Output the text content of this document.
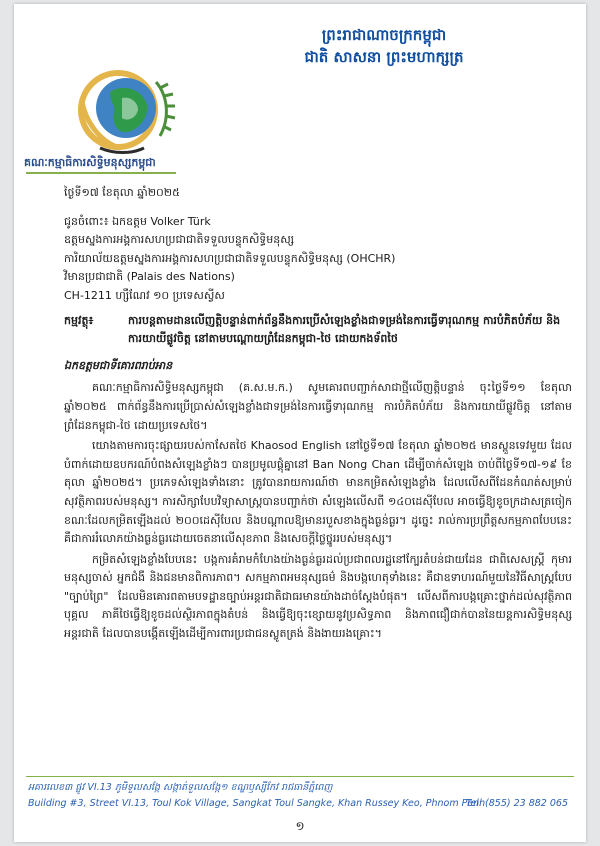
ព្រះរាជាណាចក្រកម្ពុជា
ជាតិ សាសនា ព្រះមហាក្សត្រ
គណៈកម្មាធិការសិទ្ធិមនុស្សកម្ពុជា

ថ្ងៃទី១៧ ខែតុលា ឆ្នាំ២០២៥

ជូនចំពោះ៖ ឯកឧត្តម Volker Türk

ឧត្តមស្នងការអង្គការសហប្រជាជាតិទទួលបន្ទុកសិទ្ធិមនុស្ស

ការិយាល័យឧត្តមស្នងការអង្គការសហប្រជាជាតិទទួលបន្ទុកសិទ្ធិមនុស្ស (OHCHR)

វិមានប្រជាជាតិ (Palais des Nations)

CH-1211 ហ្សឺណែវ ១០ ប្រទេសស្វីស

កម្មវត្ថុ៖	ការបន្តតាមដានលើញត្តិបន្ទាន់ពាក់ព័ន្ធនឹងការប្រើសំឡេងខ្លាំងជាទម្រង់នៃការធ្វើទារុណកម្ម ការបំភិតបំភ័យ និងការយាយីផ្លូវចិត្ត នៅតាមបណ្ដោយព្រំដែនកម្ពុជា-ថៃ ដោយកងទ័ពថៃ

ឯកឧត្តមជាទីគោរពរាប់អាន

គណៈកម្មាធិការសិទ្ធិមនុស្សកម្ពុជា (គ.ស.ម.ក.) សូមគោរពបញ្ជាក់សាជាថ្មីលើញត្តិបន្ទាន់ ចុះថ្ងៃទី១១ ខែតុលា ឆ្នាំ២០២៥ ពាក់ព័ន្ធនឹងការប្រើប្រាស់សំឡេងខ្លាំងជាទម្រង់នៃការធ្វើទារុណកម្ម ការបំភិតបំភ័យ និងការយាយីផ្លូវចិត្ត នៅតាមព្រំដែនកម្ពុជា-ថៃ ដោយប្រទេសថៃ។

យោងតាមការចុះផ្សាយរបស់កាសែតថៃ Khaosod English នៅថ្ងៃទី១៧ ខែតុលា ឆ្នាំ២០២៥ មានស្ពួនទេវមួយ ដែលបំពាក់ដោយឧបករណ៍បំពងសំឡេងខ្លាំងៗ បានប្រមូលផ្ដុំគ្នានៅ Ban Nong Chan ដើម្បីចាក់សំឡេង ចាប់ពីថ្ងៃទី១៧-១៩ ខែតុលា ឆ្នាំ២០២៥។ ប្រភេទសំឡេងទាំងនោះ ត្រូវបានរាយការណ៍ថា មានកម្រិតសំឡេងខ្លាំង ដែលលើសពីដែនកំណត់សម្រាប់សុវត្ថិភាពរបស់មនុស្ស។ ការសិក្សាបែបវិទ្យាសាស្ត្របានបញ្ជាក់ថា សំឡេងលើសពី ១៤០ដេស៊ីបែល អាចធ្វើឱ្យខូចក្រដាសត្រចៀក ខណៈដែលកម្រិតឡើងដល់ ២០០ដេស៊ីបែល និងបណ្ដាលឱ្យមានរបួសខាងក្នុងធ្ងន់ធ្ងរ។ ដូច្នេះ រាល់ការប្រព្រឹត្តសកម្មភាពបែបនេះ គឺជាការរំលោភយ៉ាងធ្ងន់ធ្ងរដោយចេតនាលើសុខភាព និងសេចក្ដីថ្លៃថ្នូររបស់មនុស្ស។

កម្រិតសំឡេងខ្លាំងបែបនេះ បង្កការគំរាមកំហែងយ៉ាងធ្ងន់ធ្ងរដល់ប្រជាពលរដ្ឋនៅក្បែរតំបន់ជាយដែន ជាពិសេសស្ត្រី កុមារ មនុស្សចាស់ អ្នកជំងឺ និងជនមានពិការភាព។ សកម្មភាពអមនុស្សធម៌ និងបង្កហេតុទាំងនេះ គឺជាឧទាហរណ៍មួយនៃវិធីសាស្ត្របែប "ច្បាប់ព្រៃ" ដែលមិនគោរពតាមបទដ្ឋានច្បាប់អន្តរជាតិជាធរមានយ៉ាងដាច់ស្ដែងបំផុត។ លើសពីការបង្កគ្រោះថ្នាក់ដល់សុវត្ថិភាពបុគ្គល ភាគីថៃធ្វើឱ្យខូចដល់ស្ថិរភាពក្នុងតំបន់ និងធ្វើឱ្យចុះខ្សោយនូវប្រសិទ្ធភាព និងភាពជឿជាក់បាននៃយន្តការសិទ្ធិមនុស្សអន្តរជាតិ ដែលបានបង្កើតឡើងដើម្បីការពារប្រជាជនស្លូតត្រង់ និងងាយរងគ្រោះ។

អគារលេខ៣ ផ្លូវ VI.13 ភូមិទួលសង្កែ សង្កាត់ទួលសង្កែ១ ខណ្ឌឫស្សីកែវ រាជធានីភ្នំពេញ
Building #3, Street VI.13, Toul Kok Village, Sangkat Toul Sangke, Khan Russey Keo, Phnom Penh
Tel: (855) 23 882 065
១
